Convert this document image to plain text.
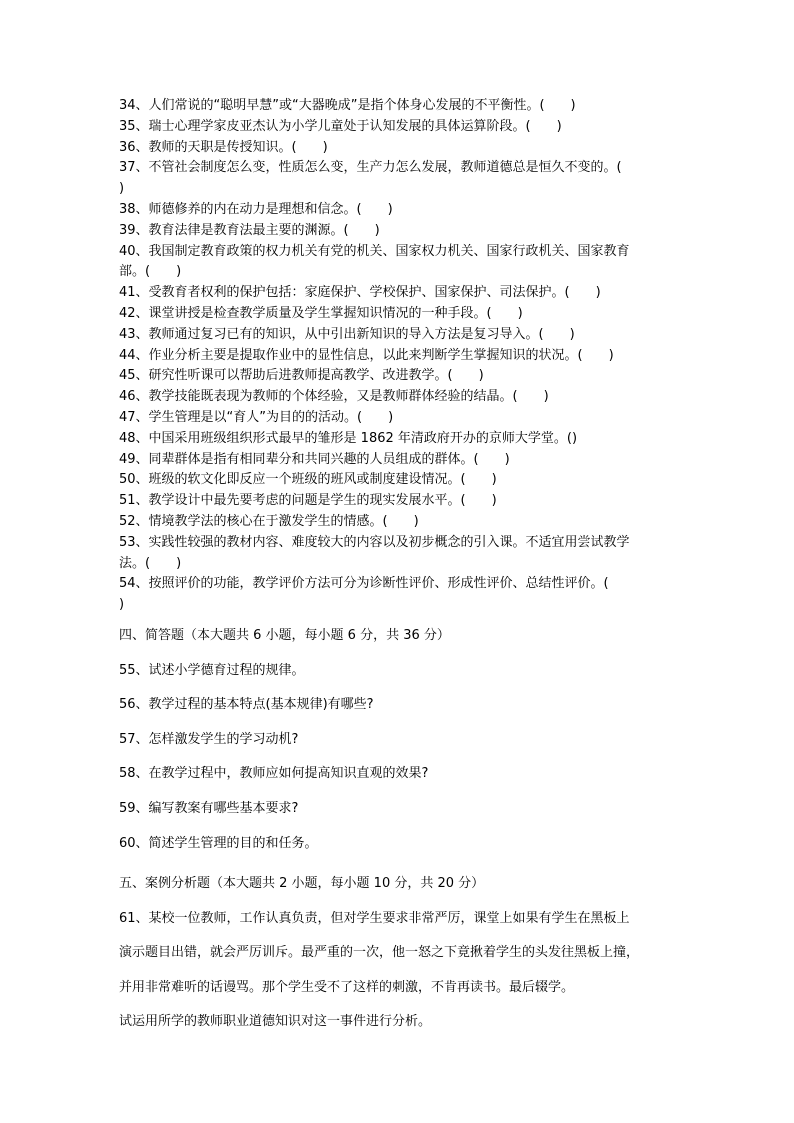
34、人们常说的“聪明早慧”或“大器晚成”是指个体身心发展的不平衡性。(　　)
35、瑞士心理学家皮亚杰认为小学儿童处于认知发展的具体运算阶段。(　　)
36、教师的天职是传授知识。(　　)
37、不管社会制度怎么变，性质怎么变，生产力怎么发展，教师道德总是恒久不变的。(
)
38、师德修养的内在动力是理想和信念。(　　)
39、教育法律是教育法最主要的渊源。(　　)
40、我国制定教育政策的权力机关有党的机关、国家权力机关、国家行政机关、国家教育
部。(　　)
41、受教育者权利的保护包括：家庭保护、学校保护、国家保护、司法保护。(　　)
42、课堂讲授是检查教学质量及学生掌握知识情况的一种手段。(　　)
43、教师通过复习已有的知识，从中引出新知识的导入方法是复习导入。(　　)
44、作业分析主要是提取作业中的显性信息，以此来判断学生掌握知识的状况。(　　)
45、研究性听课可以帮助后进教师提高教学、改进教学。(　　)
46、教学技能既表现为教师的个体经验，又是教师群体经验的结晶。(　　)
47、学生管理是以“育人”为目的的活动。(　　)
48、中国采用班级组织形式最早的雏形是 1862 年清政府开办的京师大学堂。()
49、同辈群体是指有相同辈分和共同兴趣的人员组成的群体。(　　)
50、班级的软文化即反应一个班级的班风或制度建设情况。(　　)
51、教学设计中最先要考虑的问题是学生的现实发展水平。(　　)
52、情境教学法的核心在于激发学生的情感。(　　)
53、实践性较强的教材内容、难度较大的内容以及初步概念的引入课。不适宜用尝试教学
法。(　　)
54、按照评价的功能，教学评价方法可分为诊断性评价、形成性评价、总结性评价。(
)
四、简答题（本大题共 6 小题，每小题 6 分，共 36 分）
55、试述小学德育过程的规律。
56、教学过程的基本特点(基本规律)有哪些?
57、怎样激发学生的学习动机?
58、在教学过程中，教师应如何提高知识直观的效果?
59、编写教案有哪些基本要求?
60、简述学生管理的目的和任务。
五、案例分析题（本大题共 2 小题，每小题 10 分，共 20 分）
61、某校一位教师，工作认真负责，但对学生要求非常严厉，课堂上如果有学生在黑板上
演示题目出错，就会严厉训斥。最严重的一次，他一怒之下竟揪着学生的头发往黑板上撞，
并用非常难听的话谩骂。那个学生受不了这样的刺激，不肯再读书。最后辍学。
试运用所学的教师职业道德知识对这一事件进行分析。
